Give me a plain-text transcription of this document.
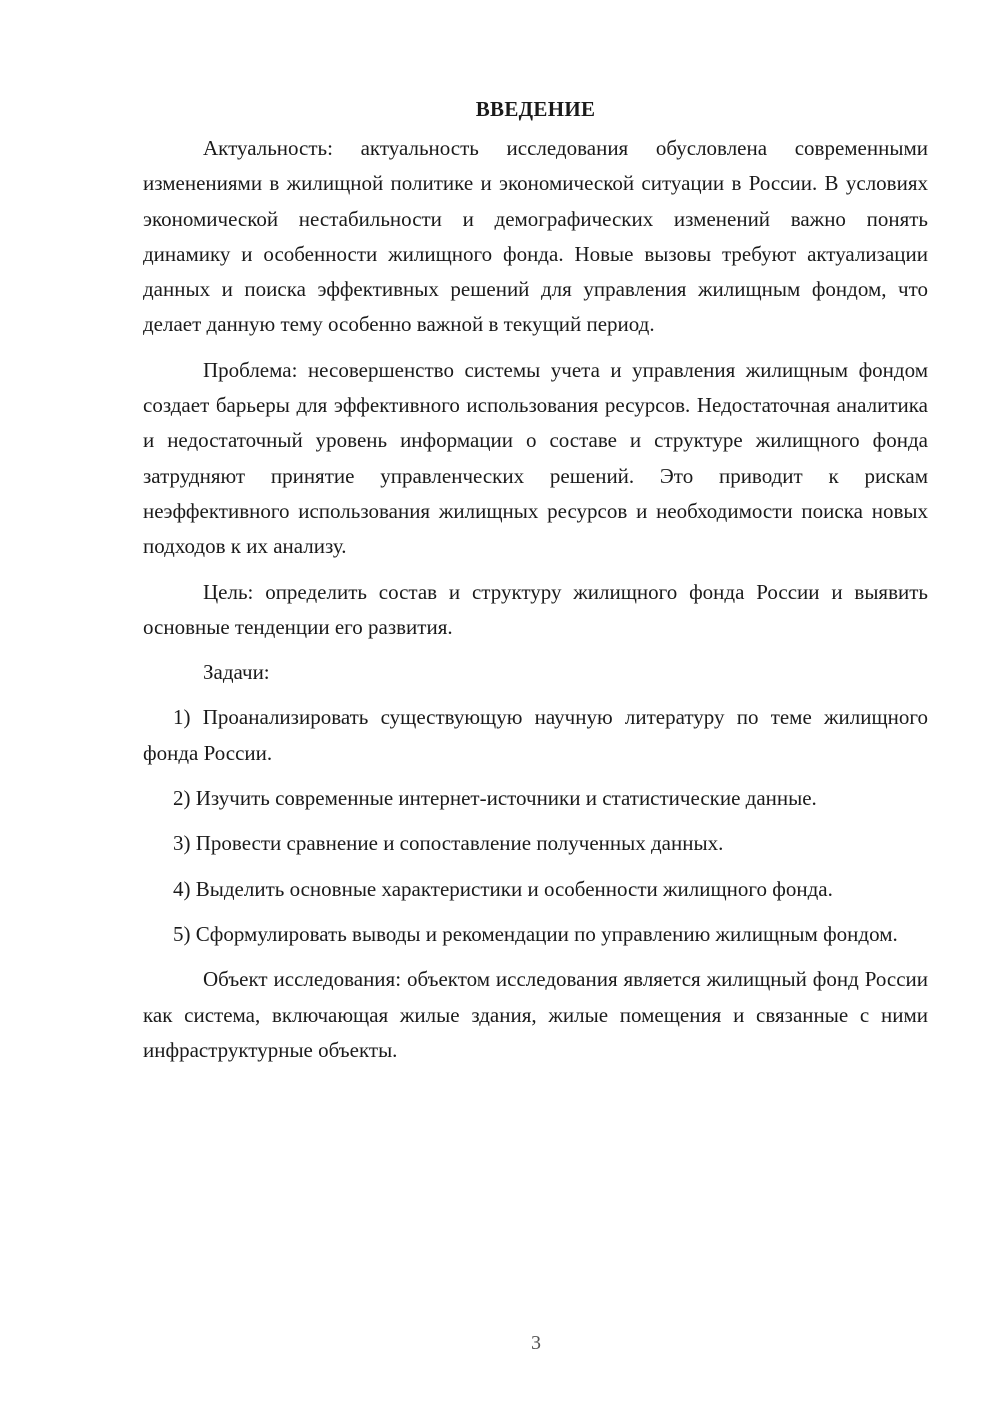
ВВЕДЕНИЕ

Актуальность: актуальность исследования обусловлена современными изменениями в жилищной политике и экономической ситуации в России. В условиях экономической нестабильности и демографических изменений важно понять динамику и особенности жилищного фонда. Новые вызовы требуют актуализации данных и поиска эффективных решений для управления жилищным фондом, что делает данную тему особенно важной в текущий период.

Проблема: несовершенство системы учета и управления жилищным фондом создает барьеры для эффективного использования ресурсов. Недостаточная аналитика и недостаточный уровень информации о составе и структуре жилищного фонда затрудняют принятие управленческих решений. Это приводит к рискам неэффективного использования жилищных ресурсов и необходимости поиска новых подходов к их анализу.

Цель: определить состав и структуру жилищного фонда России и выявить основные тенденции его развития.

Задачи:

1) Проанализировать существующую научную литературу по теме жилищного фонда России.

2) Изучить современные интернет-источники и статистические данные.

3) Провести сравнение и сопоставление полученных данных.

4) Выделить основные характеристики и особенности жилищного фонда.

5) Сформулировать выводы и рекомендации по управлению жилищным фондом.

Объект исследования: объектом исследования является жилищный фонд России как система, включающая жилые здания, жилые помещения и связанные с ними инфраструктурные объекты.

3
